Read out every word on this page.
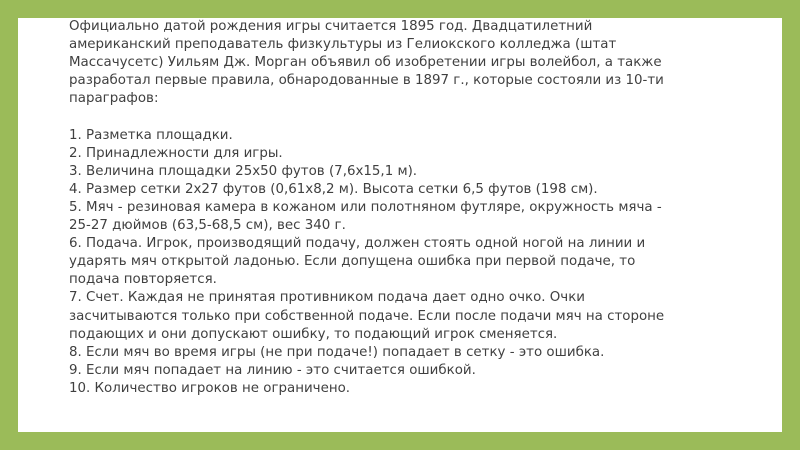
Официально датой рождения игры считается 1895 год. Двадцатилетний
американский преподаватель физкультуры из Гелиокского колледжа (штат
Массачусетс) Уильям Дж. Морган объявил об изобретении игры волейбол, а также
разработал первые правила, обнародованные в 1897 г., которые состояли из 10-ти
параграфов:
1. Разметка площадки.
2. Принадлежности для игры.
3. Величина площадки 25x50 футов (7,6x15,1 м).
4. Размер сетки 2x27 футов (0,61x8,2 м). Высота сетки 6,5 футов (198 см).
5. Мяч - резиновая камера в кожаном или полотняном футляре, окружность мяча -
25-27 дюймов (63,5-68,5 см), вес 340 г.
6. Подача. Игрок, производящий подачу, должен стоять одной ногой на линии и
ударять мяч открытой ладонью. Если допущена ошибка при первой подаче, то
подача повторяется.
7. Счет. Каждая не принятая противником подача дает одно очко. Очки
засчитываются только при собственной подаче. Если после подачи мяч на стороне
подающих и они допускают ошибку, то подающий игрок сменяется.
8. Если мяч во время игры (не при подаче!) попадает в сетку - это ошибка.
9. Если мяч попадает на линию - это считается ошибкой.
10. Количество игроков не ограничено.
